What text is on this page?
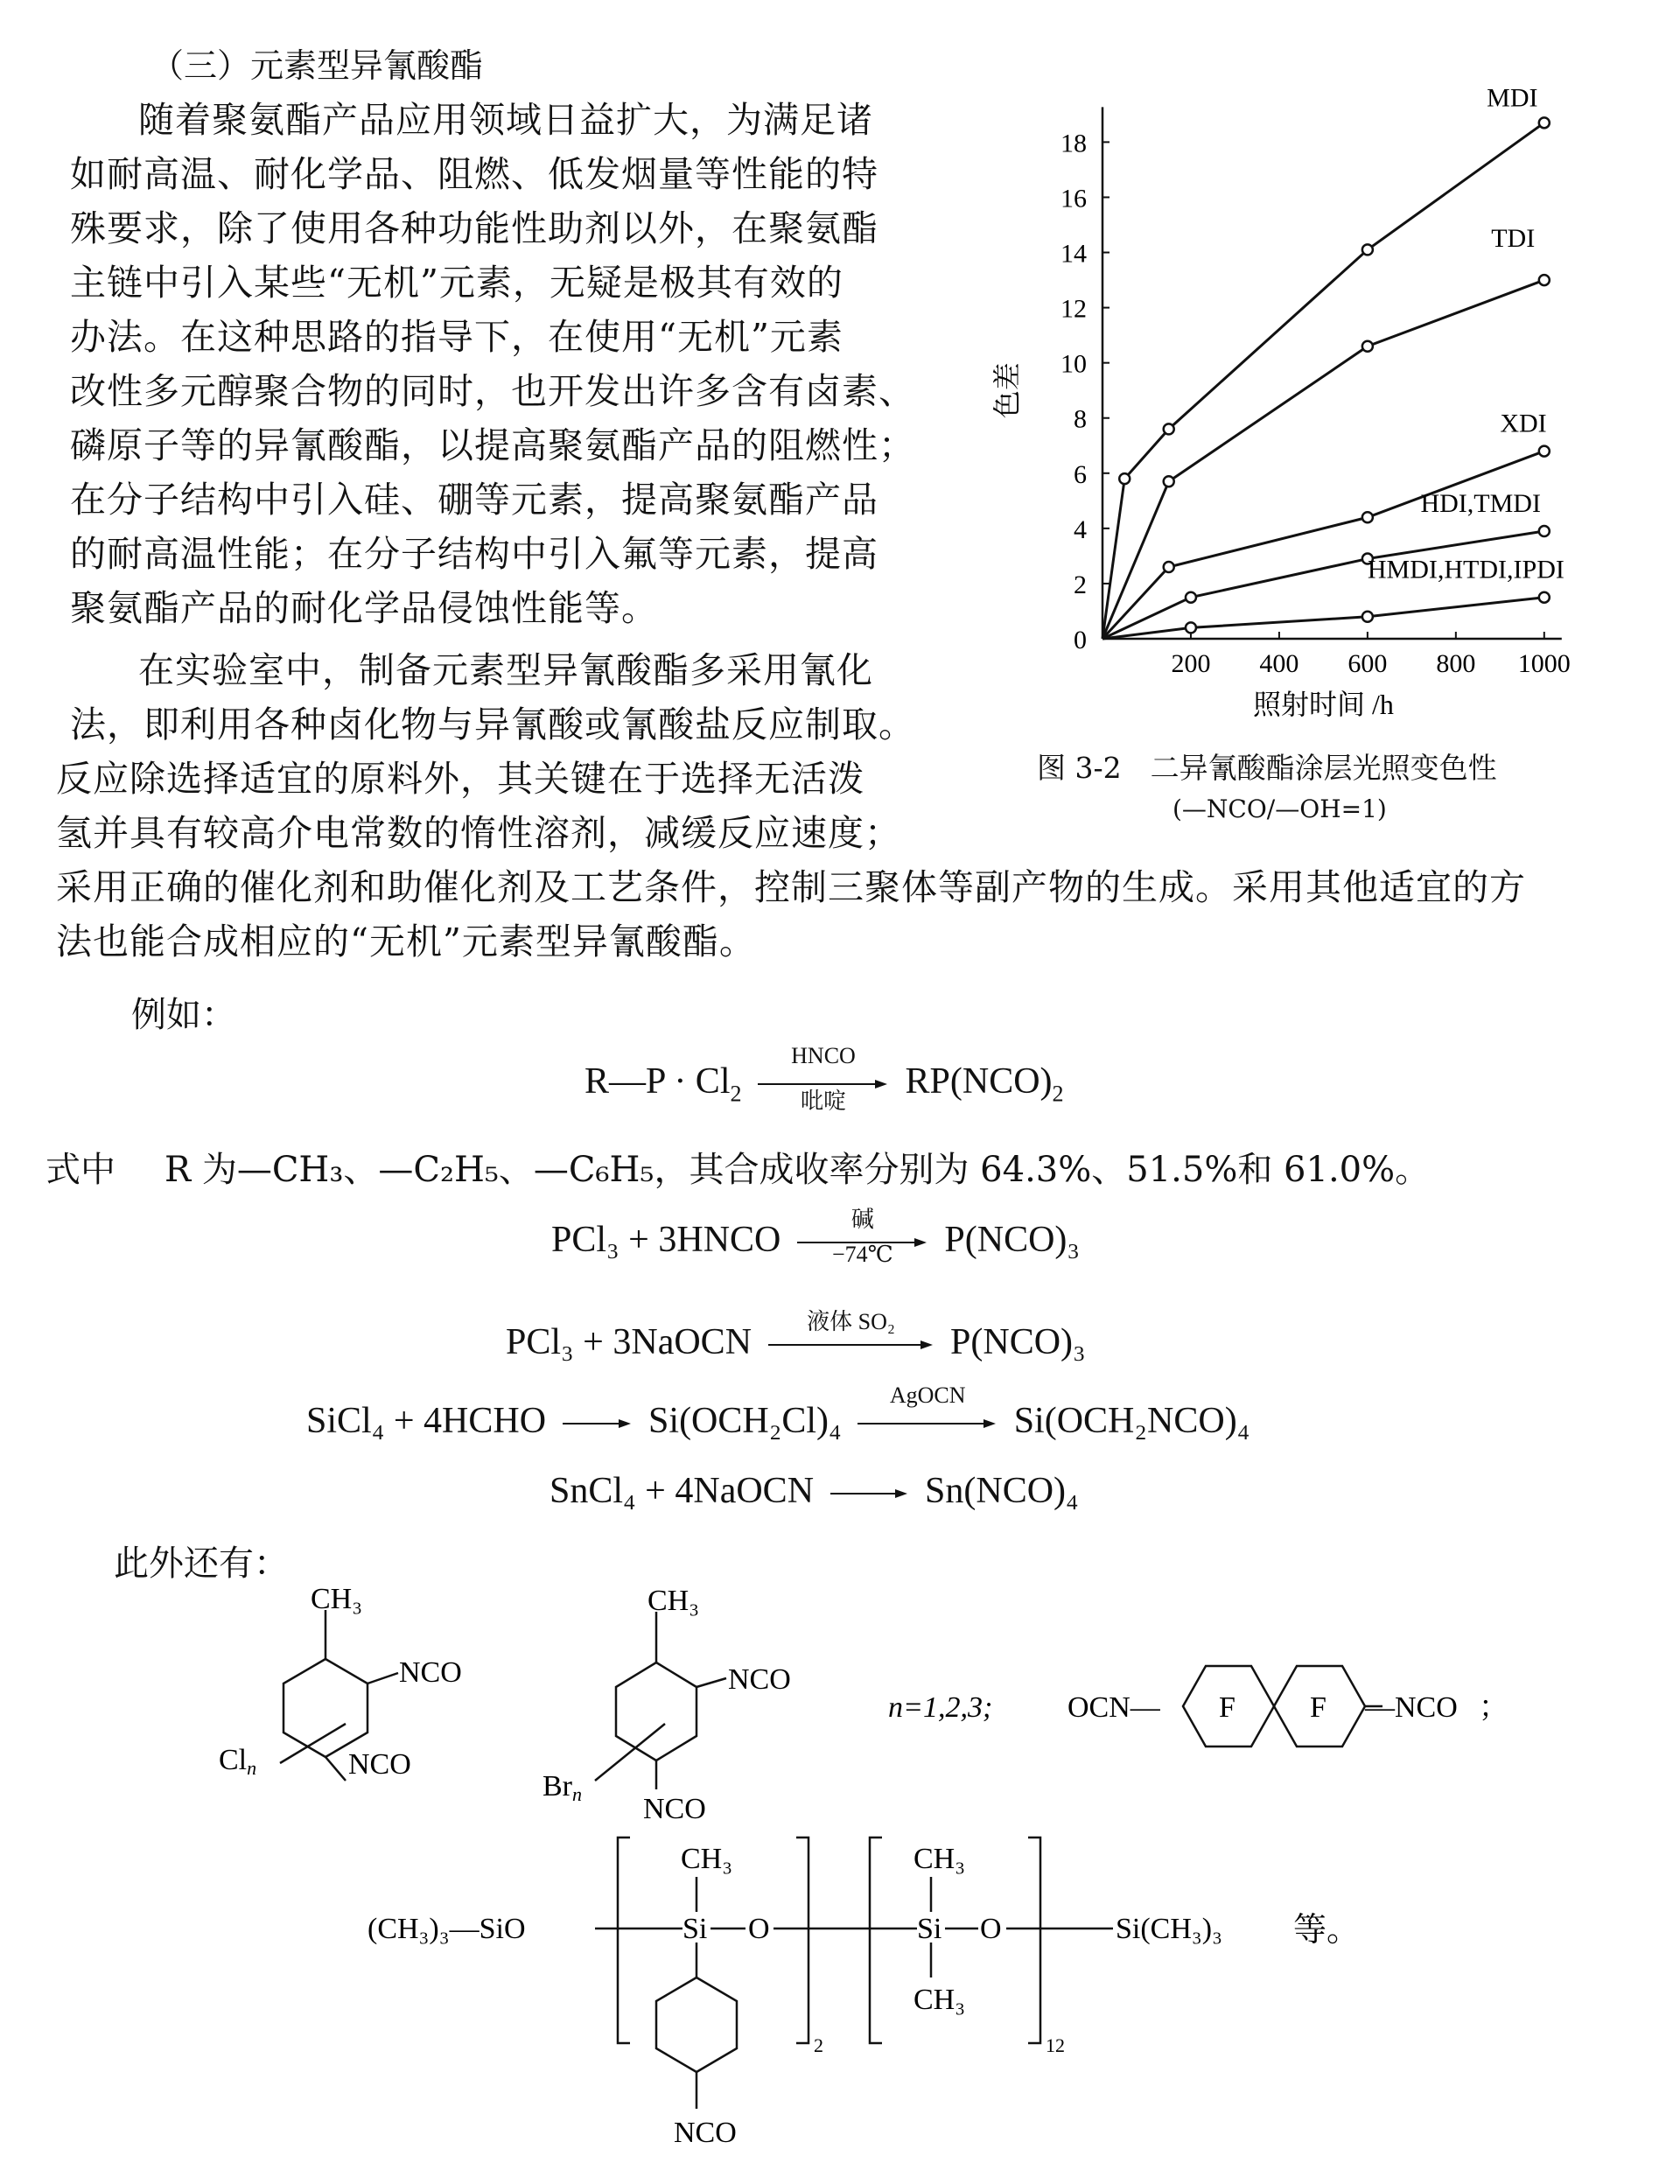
（三）元素型异氰酸酯
随着聚氨酯产品应用领域日益扩大，为满足诸
如耐高温、耐化学品、阻燃、低发烟量等性能的特
殊要求，除了使用各种功能性助剂以外，在聚氨酯
主链中引入某些“无机”元素，无疑是极其有效的
办法。在这种思路的指导下，在使用“无机”元素
改性多元醇聚合物的同时，也开发出许多含有卤素、
磷原子等的异氰酸酯，以提高聚氨酯产品的阻燃性；
在分子结构中引入硅、硼等元素，提高聚氨酯产品
的耐高温性能；在分子结构中引入氟等元素，提高
聚氨酯产品的耐化学品侵蚀性能等。
在实验室中，制备元素型异氰酸酯多采用氰化
法，即利用各种卤化物与异氰酸或氰酸盐反应制取。
反应除选择适宜的原料外，其关键在于选择无活泼
氢并具有较高介电常数的惰性溶剂，减缓反应速度；
采用正确的催化剂和助催化剂及工艺条件，控制三聚体等副产物的生成。采用其他适宜的方
法也能合成相应的“无机”元素型异氰酸酯。
例如：
0
2
4
6
8
10
12
14
16
18
200 400 600 800 1000
色差
照射时间 /h
MDI
TDI
XDI
HDI,TMDI
HMDI,HTDI,IPDI
图 3-2　二异氰酸酯涂层光照变色性
(—NCO/—OH=1)
R—P · $Cl_2$
HNCO
吡啶	$RP(NCO)_2$
式中 R 为—CH₃、—C₂H₅、—C₆H₅，其合成收率分别为 64.3%、51.5%和 61.0%。
PCl₃ + 3HNCO
碱
−74℃	P(NCO)₃
PCl₃ + 3NaOCN
液体 SO₂
P(NCO)₃
SiCl₄ + 4HCHO	Si(OCH₂Cl)₄
AgOCN
Si(OCH₂NCO)₄
SnCl₄ + 4NaOCN	Sn(NCO)₄
此外还有：
CH₃
NCO
NCO
Cln
CH₃
NCO
NCO
Brn
n=1,2,3;	OCN— F	F —NCO ；
(CH₃)₃—SiO
CH₃
Si O
2
CH₃
Si O
CH₃
12
Si(CH₃)₃ 等。
NCO
